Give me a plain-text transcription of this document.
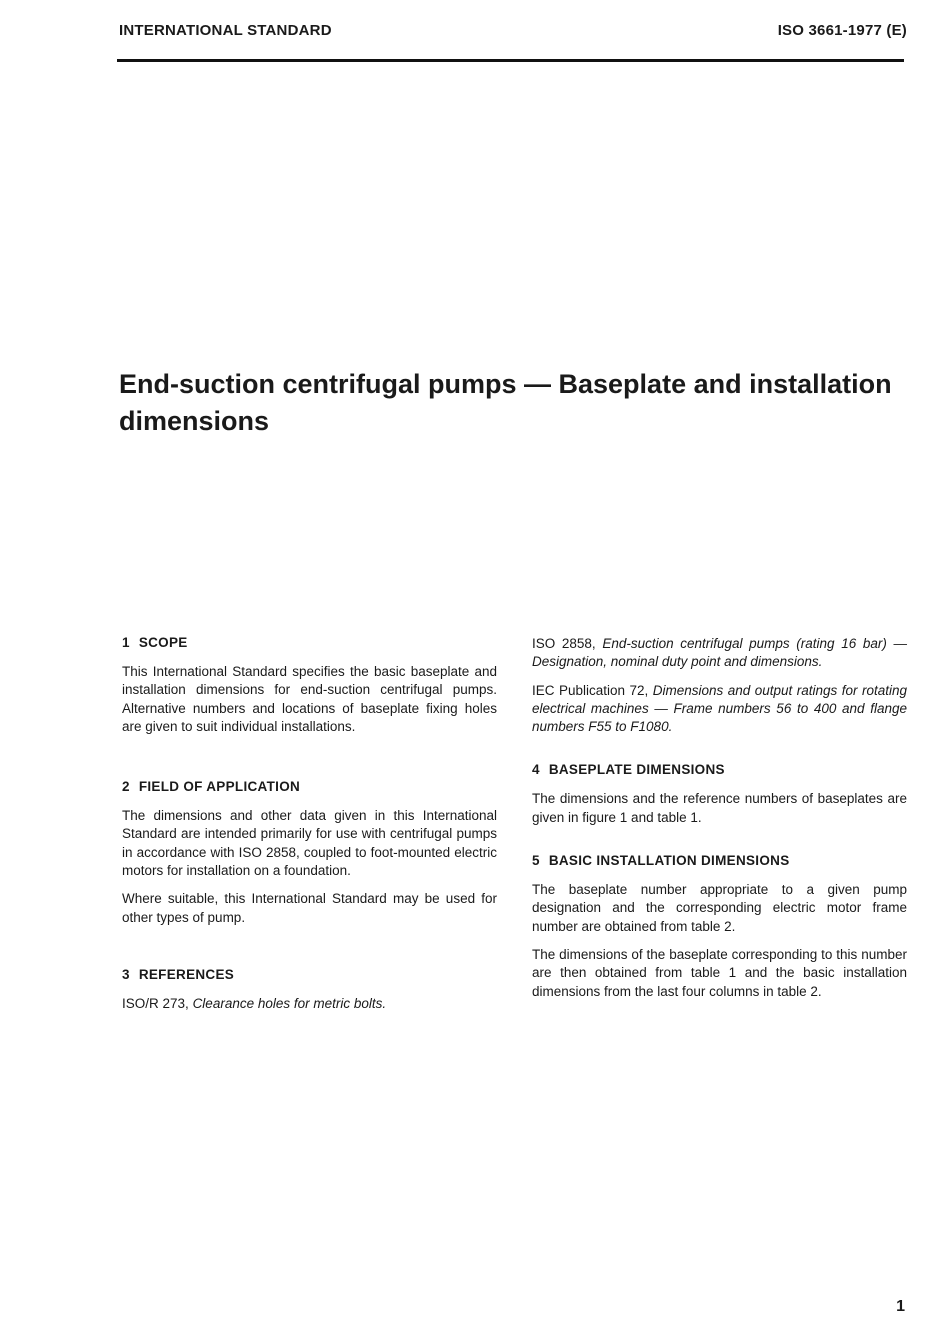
INTERNATIONAL STANDARD	ISO 3661-1977 (E)
End-suction centrifugal pumps — Baseplate and installation dimensions
1 SCOPE

This International Standard specifies the basic baseplate and installation dimensions for end-suction centrifugal pumps. Alternative numbers and locations of baseplate fixing holes are given to suit individual installations.

2 FIELD OF APPLICATION

The dimensions and other data given in this International Standard are intended primarily for use with centrifugal pumps in accordance with ISO 2858, coupled to foot-mounted electric motors for installation on a foundation.

Where suitable, this International Standard may be used for other types of pump.

3 REFERENCES

ISO/R 273, Clearance holes for metric bolts.

ISO 2858, End-suction centrifugal pumps (rating 16 bar) — Designation, nominal duty point and dimensions.

IEC Publication 72, Dimensions and output ratings for rotating electrical machines — Frame numbers 56 to 400 and flange numbers F55 to F1080.

4 BASEPLATE DIMENSIONS

The dimensions and the reference numbers of baseplates are given in figure 1 and table 1.

5 BASIC INSTALLATION DIMENSIONS

The baseplate number appropriate to a given pump designation and the corresponding electric motor frame number are obtained from table 2.

The dimensions of the baseplate corresponding to this number are then obtained from table 1 and the basic installation dimensions from the last four columns in table 2.

1
